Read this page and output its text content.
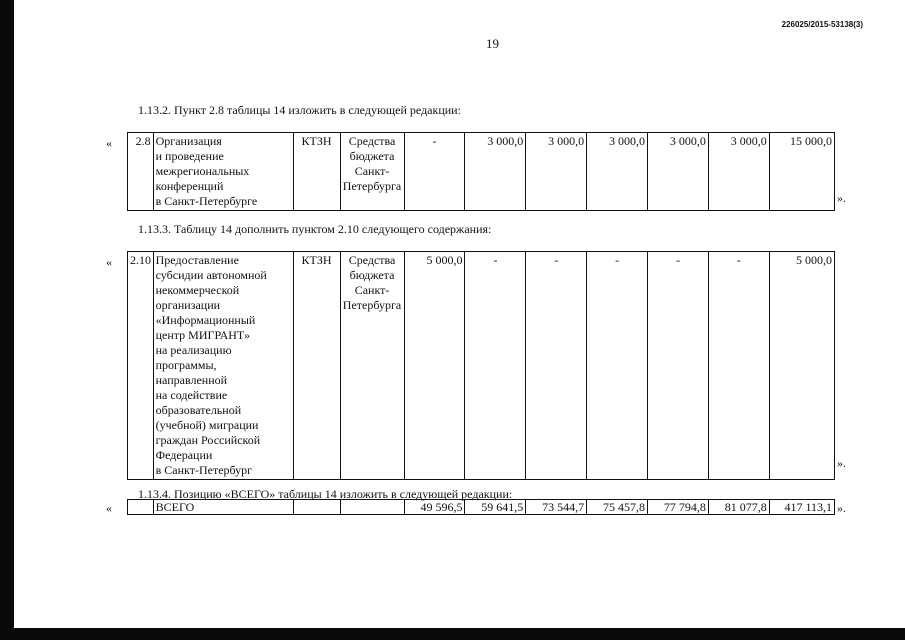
226025/2015-53138(3)
19
1.13.2. Пункт 2.8 таблицы 14 изложить в следующей редакции:
« 2.8	Организация
и проведение
межрегиональных
конференций
в Санкт-Петербурге	КТЗН	Средства
бюджета
Санкт-
Петербурга	-	3 000,0	3 000,0	3 000,0	3 000,0	3 000,0	15 000,0
».
1.13.3. Таблицу 14 дополнить пунктом 2.10 следующего содержания:
« 2.10	Предоставление
субсидии автономной
некоммерческой
организации
«Информационный
центр МИГРАНТ»
на реализацию
программы,
направленной
на содействие
образовательной
(учебной) миграции
граждан Российской
Федерации
в Санкт-Петербург	КТЗН	Средства
бюджета
Санкт-
Петербурга	5 000,0	-	-	-	-	-	5 000,0
».
1.13.4. Позицию «ВСЕГО» таблицы 14 изложить в следующей редакции:
«
		ВСЕГО			49 596,5	59 641,5	73 544,7	75 457,8	77 794,8	81 077,8	417 113,1 ».
